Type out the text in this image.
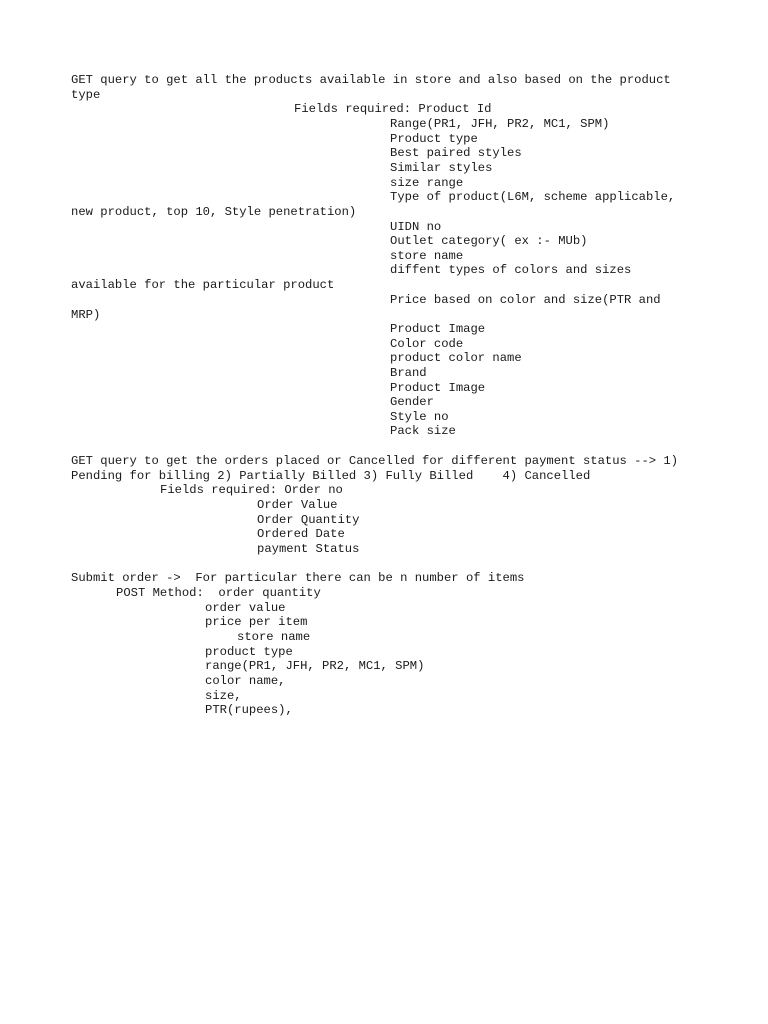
GET query to get all the products available in store and also based on the product
type
Fields required: Product Id
Range(PR1, JFH, PR2, MC1, SPM)
Product type
Best paired styles
Similar styles
size range
Type of product(L6M, scheme applicable,
new product, top 10, Style penetration)
UIDN no
Outlet category( ex :- MUb)
store name
diffent types of colors and sizes
available for the particular product
Price based on color and size(PTR and
MRP)
Product Image
Color code
product color name
Brand
Product Image
Gender
Style no
Pack size
GET query to get the orders placed or Cancelled for different payment status --> 1)
Pending for billing 2) Partially Billed 3) Fully Billed    4) Cancelled
Fields required: Order no
Order Value
Order Quantity
Ordered Date
payment Status
Submit order ->  For particular there can be n number of items
POST Method:  order quantity
order value
price per item
store name
product type
range(PR1, JFH, PR2, MC1, SPM)
color name,
size,
PTR(rupees),
